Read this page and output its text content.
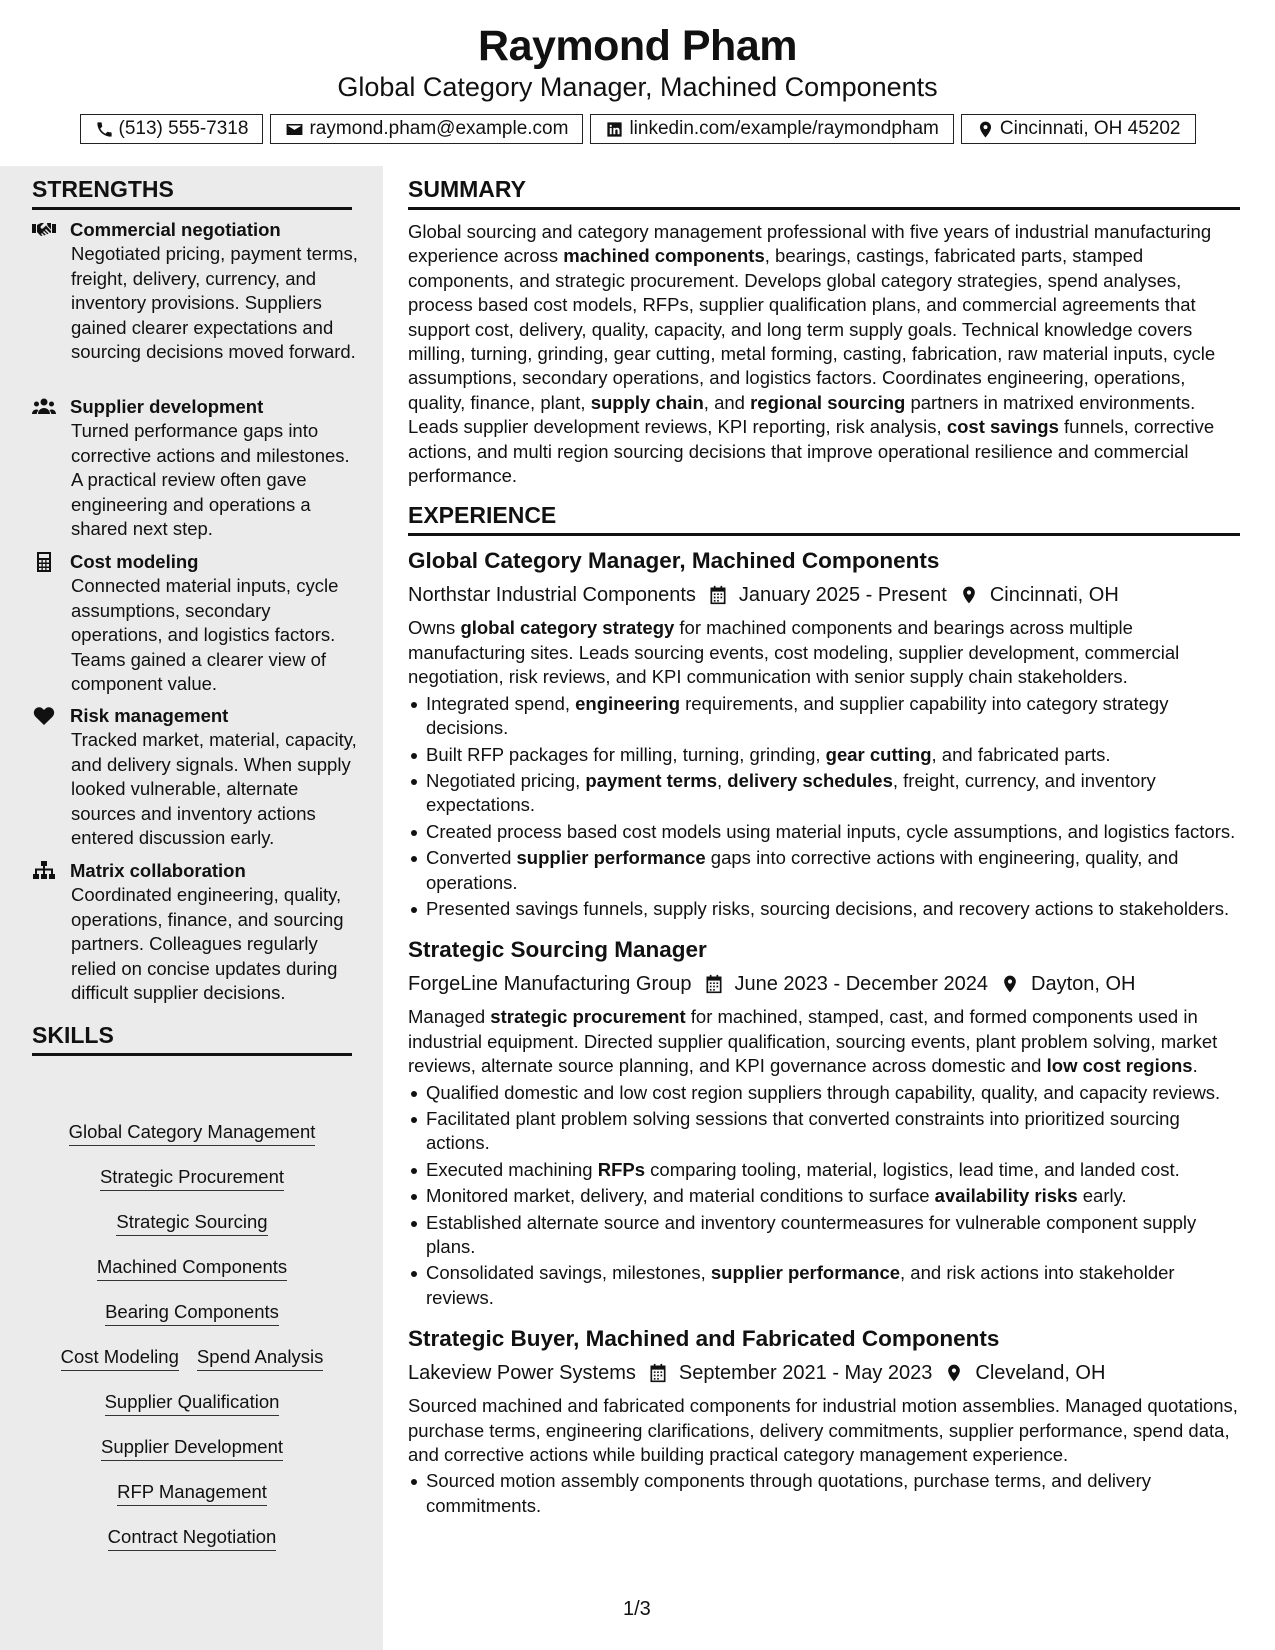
Raymond Pham
Global Category Manager, Machined Components
(513) 555-7318	raymond.pham@example.com	linkedin.com/example/raymondpham	Cincinnati, OH 45202
STRENGTHS
Commercial negotiation
Negotiated pricing, payment terms, freight, delivery, currency, and inventory provisions. Suppliers gained clearer expectations and sourcing decisions moved forward.
Supplier development
Turned performance gaps into corrective actions and milestones. A practical review often gave engineering and operations a shared next step.
Cost modeling
Connected material inputs, cycle assumptions, secondary operations, and logistics factors. Teams gained a clearer view of component value.
Risk management
Tracked market, material, capacity, and delivery signals. When supply looked vulnerable, alternate sources and inventory actions entered discussion early.
Matrix collaboration
Coordinated engineering, quality, operations, finance, and sourcing partners. Colleagues regularly relied on concise updates during difficult supplier decisions.
SKILLS
Global Category Management
Strategic Procurement
Strategic Sourcing
Machined Components
Bearing Components
Cost Modeling Spend Analysis
Supplier Qualification
Supplier Development
RFP Management
Contract Negotiation
SUMMARY
Global sourcing and category management professional with five years of industrial manufacturing experience across machined components, bearings, castings, fabricated parts, stamped components, and strategic procurement. Develops global category strategies, spend analyses, process based cost models, RFPs, supplier qualification plans, and commercial agreements that support cost, delivery, quality, capacity, and long term supply goals. Technical knowledge covers milling, turning, grinding, gear cutting, metal forming, casting, fabrication, raw material inputs, cycle assumptions, secondary operations, and logistics factors. Coordinates engineering, operations, quality, finance, plant, supply chain, and regional sourcing partners in matrixed environments. Leads supplier development reviews, KPI reporting, risk analysis, cost savings funnels, corrective actions, and multi region sourcing decisions that improve operational resilience and commercial performance.
EXPERIENCE
Global Category Manager, Machined Components
Northstar Industrial Components January 2025 - Present Cincinnati, OH
Owns global category strategy for machined components and bearings across multiple manufacturing sites. Leads sourcing events, cost modeling, supplier development, commercial negotiation, risk reviews, and KPI communication with senior supply chain stakeholders.
Integrated spend, engineering requirements, and supplier capability into category strategy decisions.
Built RFP packages for milling, turning, grinding, gear cutting, and fabricated parts.
Negotiated pricing, payment terms, delivery schedules, freight, currency, and inventory expectations.
Created process based cost models using material inputs, cycle assumptions, and logistics factors.
Converted supplier performance gaps into corrective actions with engineering, quality, and operations.
Presented savings funnels, supply risks, sourcing decisions, and recovery actions to stakeholders.
Strategic Sourcing Manager
ForgeLine Manufacturing Group June 2023 - December 2024 Dayton, OH
Managed strategic procurement for machined, stamped, cast, and formed components used in industrial equipment. Directed supplier qualification, sourcing events, plant problem solving, market reviews, alternate source planning, and KPI governance across domestic and low cost regions.
Qualified domestic and low cost region suppliers through capability, quality, and capacity reviews.
Facilitated plant problem solving sessions that converted constraints into prioritized sourcing actions.
Executed machining RFPs comparing tooling, material, logistics, lead time, and landed cost.
Monitored market, delivery, and material conditions to surface availability risks early.
Established alternate source and inventory countermeasures for vulnerable component supply plans.
Consolidated savings, milestones, supplier performance, and risk actions into stakeholder reviews.
Strategic Buyer, Machined and Fabricated Components
Lakeview Power Systems September 2021 - May 2023 Cleveland, OH
Sourced machined and fabricated components for industrial motion assemblies. Managed quotations, purchase terms, engineering clarifications, delivery commitments, supplier performance, spend data, and corrective actions while building practical category management experience.
Sourced motion assembly components through quotations, purchase terms, and delivery commitments.
1/3
